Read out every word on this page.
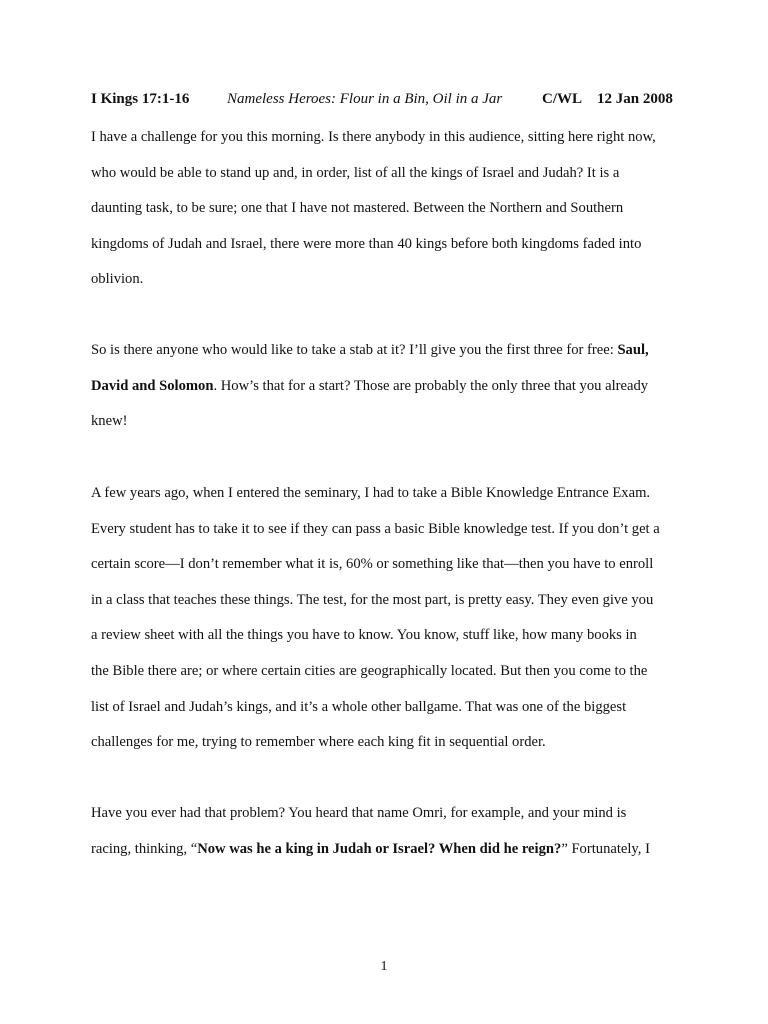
I Kings 17:1-16	Nameless Heroes: Flour in a Bin, Oil in a Jar	C/WL 12 Jan 2008

I have a challenge for you this morning. Is there anybody in this audience, sitting here right now,
who would be able to stand up and, in order, list of all the kings of Israel and Judah? It is a
daunting task, to be sure; one that I have not mastered. Between the Northern and Southern
kingdoms of Judah and Israel, there were more than 40 kings before both kingdoms faded into
oblivion.

So is there anyone who would like to take a stab at it? I’ll give you the first three for free: Saul,
David and Solomon. How’s that for a start? Those are probably the only three that you already
knew!

A few years ago, when I entered the seminary, I had to take a Bible Knowledge Entrance Exam.
Every student has to take it to see if they can pass a basic Bible knowledge test. If you don’t get a
certain score—I don’t remember what it is, 60% or something like that—then you have to enroll
in a class that teaches these things. The test, for the most part, is pretty easy. They even give you
a review sheet with all the things you have to know. You know, stuff like, how many books in
the Bible there are; or where certain cities are geographically located. But then you come to the
list of Israel and Judah’s kings, and it’s a whole other ballgame. That was one of the biggest
challenges for me, trying to remember where each king fit in sequential order.

Have you ever had that problem? You heard that name Omri, for example, and your mind is
racing, thinking, “Now was he a king in Judah or Israel? When did he reign?” Fortunately, I

1
